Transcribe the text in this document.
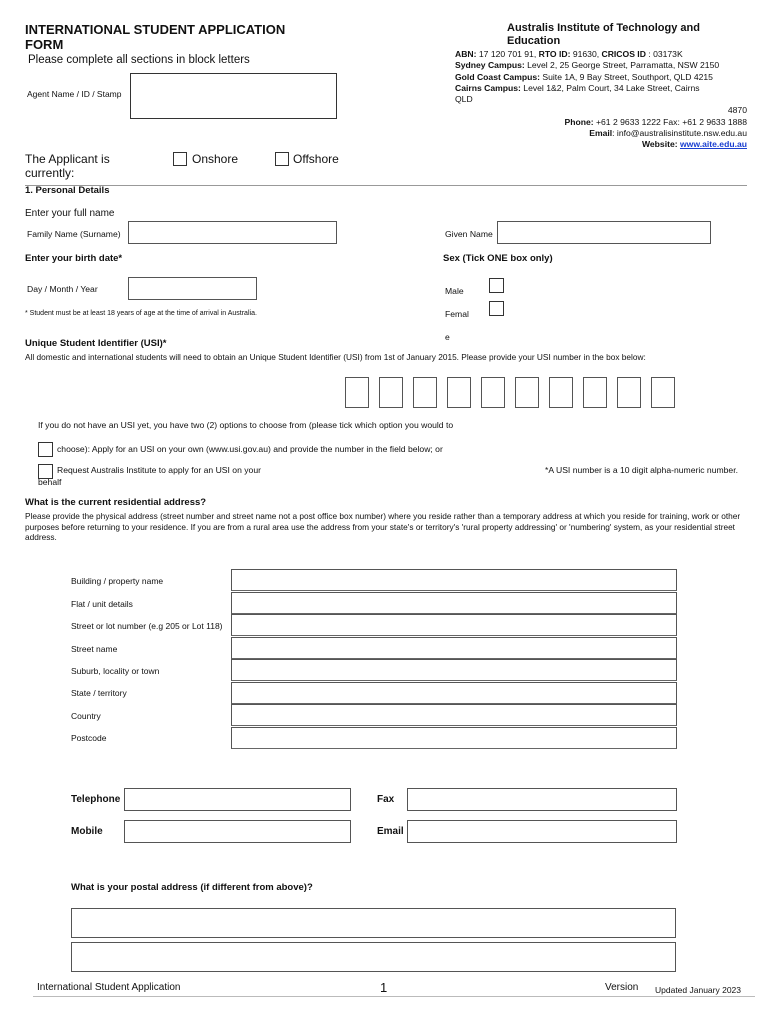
INTERNATIONAL STUDENT APPLICATION FORM
Please complete all sections in block letters
Agent Name / ID / Stamp
Australis Institute of Technology and Education
ABN: 17 120 701 91, RTO ID: 91630, CRICOS ID : 03173K
Sydney Campus: Level 2, 25 George Street, Parramatta, NSW 2150
Gold Coast Campus: Suite 1A, 9 Bay Street, Southport, QLD 4215
Cairns Campus: Level 1&2, Palm Court, 34 Lake Street, Cairns
QLD
4870
Phone: +61 2 9633 1222 Fax: +61 2 9633 1888
Email: info@australisinstitute.nsw.edu.au
Website: www.aite.edu.au
The Applicant is currently:
Onshore	Offshore
1. Personal Details
Enter your full name
Family Name (Surname)	Given Name
Enter your birth date*	Sex (Tick ONE box only)
Day / Month / Year	Male
* Student must be at least 18 years of age at the time of arrival in Australia.	Femal
e
Unique Student Identifier (USI)*
All domestic and international students will need to obtain an Unique Student Identifier (USI) from 1st of January 2015. Please provide your USI number in the box below:
If you do not have an USI yet, you have two (2) options to choose from (please tick which option you would to
choose): Apply for an USI on your own (www.usi.gov.au) and provide the number in the field below; or
Request Australis Institute to apply for an USI on your
behalf
*A USI number is a 10 digit alpha-numeric number.
What is the current residential address?
Please provide the physical address (street number and street name not a post office box number) where you reside rather than a temporary address at which you reside for training, work or other purposes before returning to your residence. If you are from a rural area use the address from your state's or territory's 'rural property addressing' or 'numbering' system, as your residential street address.
Building / property name
Flat / unit details
Street or lot number (e.g 205 or Lot 118)
Street name
Suburb, locality or town
State / territory
Country
Postcode
Telephone	Fax
Mobile	Email
What is your postal address (if different from above)?
International Student Application	1	Version Updated January 2023
